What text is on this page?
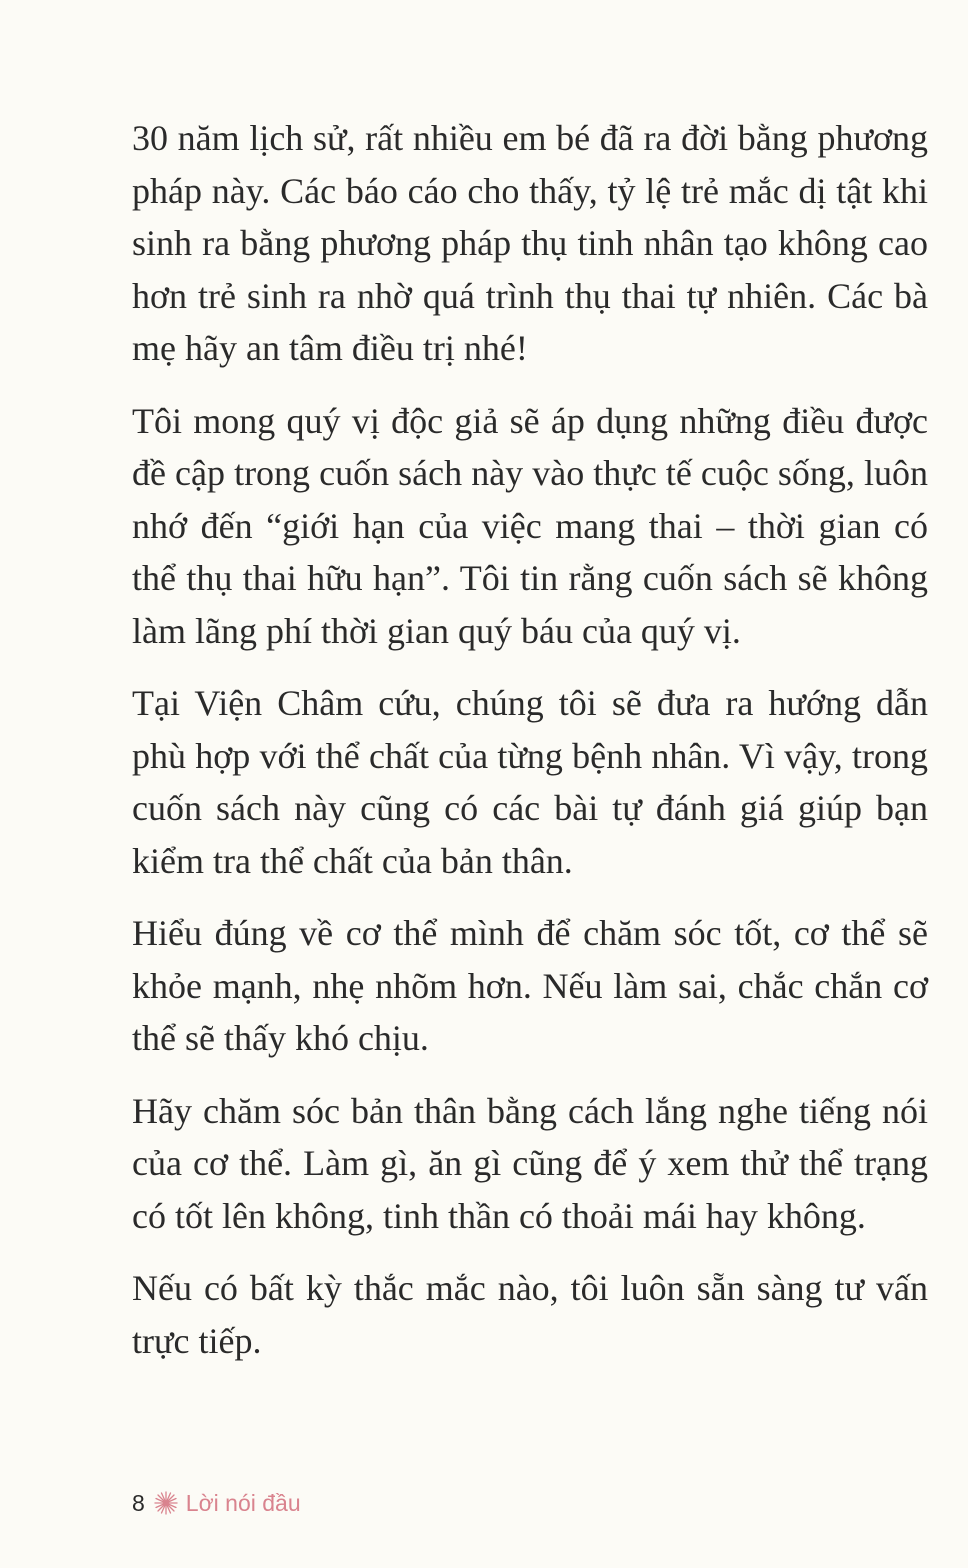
30 năm lịch sử, rất nhiều em bé đã ra đời bằng phương pháp này. Các báo cáo cho thấy, tỷ lệ trẻ mắc dị tật khi sinh ra bằng phương pháp thụ tinh nhân tạo không cao hơn trẻ sinh ra nhờ quá trình thụ thai tự nhiên. Các bà mẹ hãy an tâm điều trị nhé!

Tôi mong quý vị độc giả sẽ áp dụng những điều được đề cập trong cuốn sách này vào thực tế cuộc sống, luôn nhớ đến “giới hạn của việc mang thai – thời gian có thể thụ thai hữu hạn”. Tôi tin rằng cuốn sách sẽ không làm lãng phí thời gian quý báu của quý vị.

Tại Viện Châm cứu, chúng tôi sẽ đưa ra hướng dẫn phù hợp với thể chất của từng bệnh nhân. Vì vậy, trong cuốn sách này cũng có các bài tự đánh giá giúp bạn kiểm tra thể chất của bản thân.

Hiểu đúng về cơ thể mình để chăm sóc tốt, cơ thể sẽ khỏe mạnh, nhẹ nhõm hơn. Nếu làm sai, chắc chắn cơ thể sẽ thấy khó chịu.

Hãy chăm sóc bản thân bằng cách lắng nghe tiếng nói của cơ thể. Làm gì, ăn gì cũng để ý xem thử thể trạng có tốt lên không, tinh thần có thoải mái hay không.

Nếu có bất kỳ thắc mắc nào, tôi luôn sẵn sàng tư vấn trực tiếp.

8 Lời nói đầu
